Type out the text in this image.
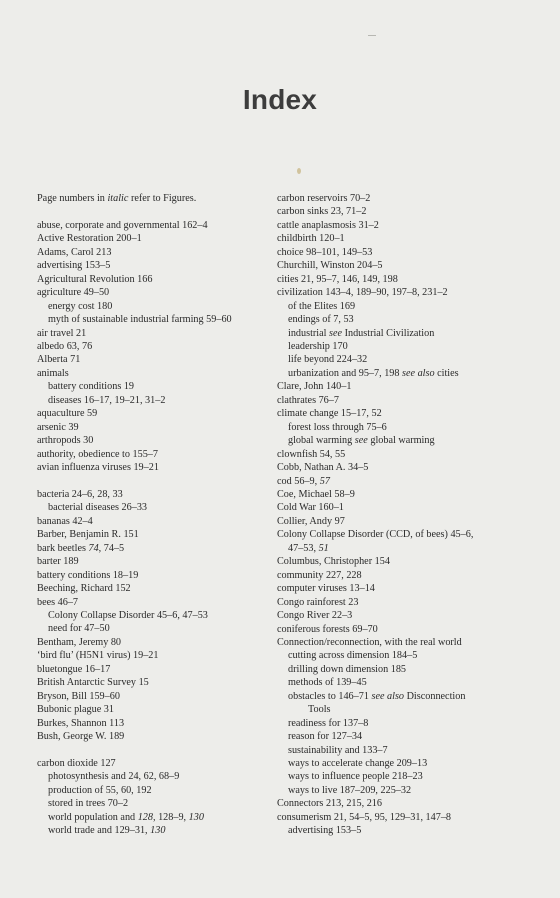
Index
Page numbers in italic refer to Figures.
abuse, corporate and governmental 162–4
Active Restoration 200–1
Adams, Carol 213
advertising 153–5
Agricultural Revolution 166
agriculture 49–50
energy cost 180
myth of sustainable industrial farming 59–60
air travel 21
albedo 63, 76
Alberta 71
animals
battery conditions 19
diseases 16–17, 19–21, 31–2
aquaculture 59
arsenic 39
arthropods 30
authority, obedience to 155–7
avian influenza viruses 19–21
bacteria 24–6, 28, 33
bacterial diseases 26–33
bananas 42–4
Barber, Benjamin R. 151
bark beetles 74, 74–5
barter 189
battery conditions 18–19
Beeching, Richard 152
bees 46–7
Colony Collapse Disorder 45–6, 47–53
need for 47–50
Bentham, Jeremy 80
‘bird flu’ (H5N1 virus) 19–21
bluetongue 16–17
British Antarctic Survey 15
Bryson, Bill 159–60
Bubonic plague 31
Burkes, Shannon 113
Bush, George W. 189
carbon dioxide 127
photosynthesis and 24, 62, 68–9
production of 55, 60, 192
stored in trees 70–2
world population and 128, 128–9, 130
world trade and 129–31, 130
carbon reservoirs 70–2
carbon sinks 23, 71–2
cattle anaplasmosis 31–2
childbirth 120–1
choice 98–101, 149–53
Churchill, Winston 204–5
cities 21, 95–7, 146, 149, 198
civilization 143–4, 189–90, 197–8, 231–2
of the Elites 169
endings of 7, 53
industrial see Industrial Civilization
leadership 170
life beyond 224–32
urbanization and 95–7, 198 see also cities
Clare, John 140–1
clathrates 76–7
climate change 15–17, 52
forest loss through 75–6
global warming see global warming
clownfish 54, 55
Cobb, Nathan A. 34–5
cod 56–9, 57
Coe, Michael 58–9
Cold War 160–1
Collier, Andy 97
Colony Collapse Disorder (CCD, of bees) 45–6,
47–53, 51
Columbus, Christopher 154
community 227, 228
computer viruses 13–14
Congo rainforest 23
Congo River 22–3
coniferous forests 69–70
Connection/reconnection, with the real world
cutting across dimension 184–5
drilling down dimension 185
methods of 139–45
obstacles to 146–71 see also Disconnection
Tools
readiness for 137–8
reason for 127–34
sustainability and 133–7
ways to accelerate change 209–13
ways to influence people 218–23
ways to live 187–209, 225–32
Connectors 213, 215, 216
consumerism 21, 54–5, 95, 129–31, 147–8
advertising 153–5
